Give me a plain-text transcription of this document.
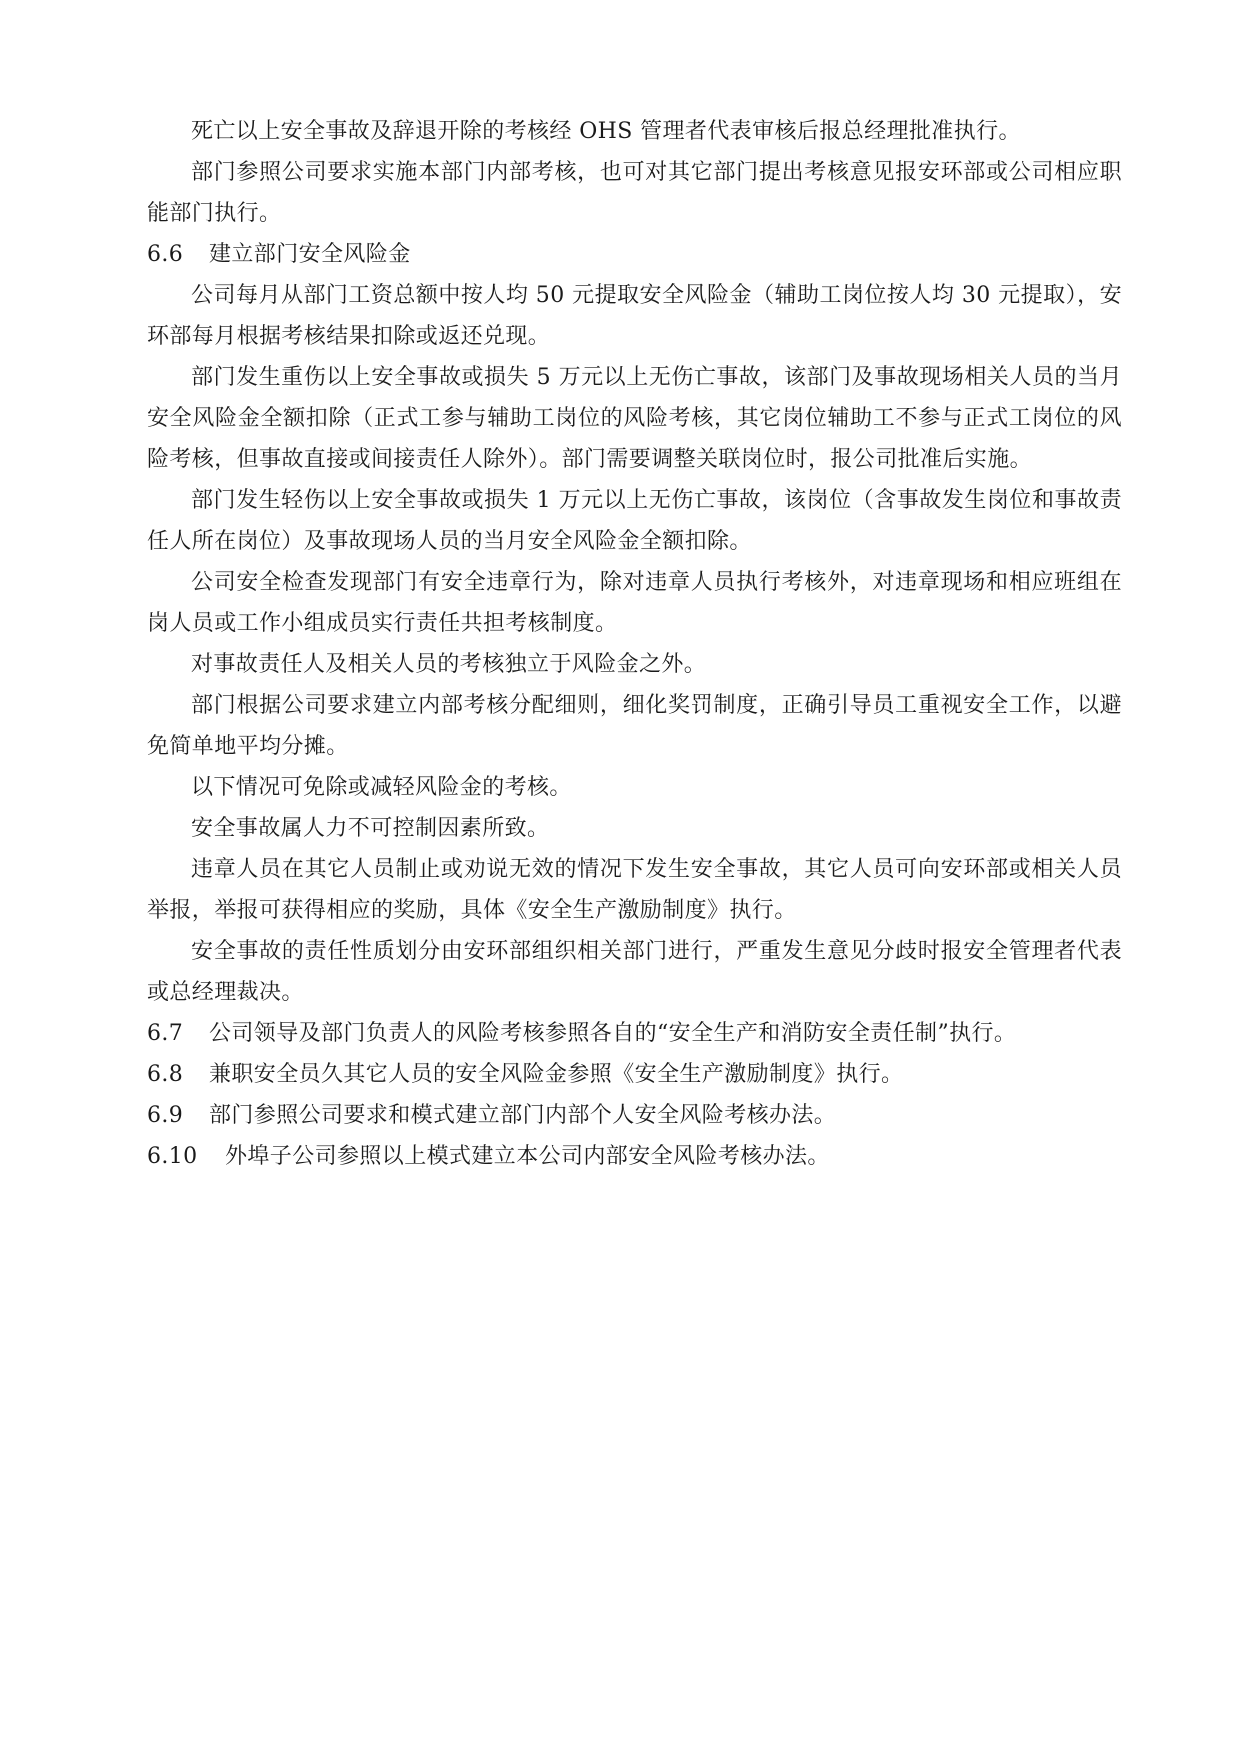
死亡以上安全事故及辞退开除的考核经 OHS 管理者代表审核后报总经理批准执行。

部门参照公司要求实施本部门内部考核，也可对其它部门提出考核意见报安环部或公司相应职能部门执行。

6.6 建立部门安全风险金

公司每月从部门工资总额中按人均 50 元提取安全风险金（辅助工岗位按人均 30 元提取），安环部每月根据考核结果扣除或返还兑现。

部门发生重伤以上安全事故或损失 5 万元以上无伤亡事故，该部门及事故现场相关人员的当月安全风险金全额扣除（正式工参与辅助工岗位的风险考核，其它岗位辅助工不参与正式工岗位的风险考核，但事故直接或间接责任人除外）。部门需要调整关联岗位时，报公司批准后实施。

部门发生轻伤以上安全事故或损失 1 万元以上无伤亡事故，该岗位（含事故发生岗位和事故责任人所在岗位）及事故现场人员的当月安全风险金全额扣除。

公司安全检查发现部门有安全违章行为，除对违章人员执行考核外，对违章现场和相应班组在岗人员或工作小组成员实行责任共担考核制度。

对事故责任人及相关人员的考核独立于风险金之外。

部门根据公司要求建立内部考核分配细则，细化奖罚制度，正确引导员工重视安全工作，以避免简单地平均分摊。

以下情况可免除或减轻风险金的考核。

安全事故属人力不可控制因素所致。

违章人员在其它人员制止或劝说无效的情况下发生安全事故，其它人员可向安环部或相关人员举报，举报可获得相应的奖励，具体《安全生产激励制度》执行。

安全事故的责任性质划分由安环部组织相关部门进行，严重发生意见分歧时报安全管理者代表或总经理裁决。

6.7 公司领导及部门负责人的风险考核参照各自的“安全生产和消防安全责任制”执行。

6.8 兼职安全员久其它人员的安全风险金参照《安全生产激励制度》执行。

6.9 部门参照公司要求和模式建立部门内部个人安全风险考核办法。

6.10 外埠子公司参照以上模式建立本公司内部安全风险考核办法。
